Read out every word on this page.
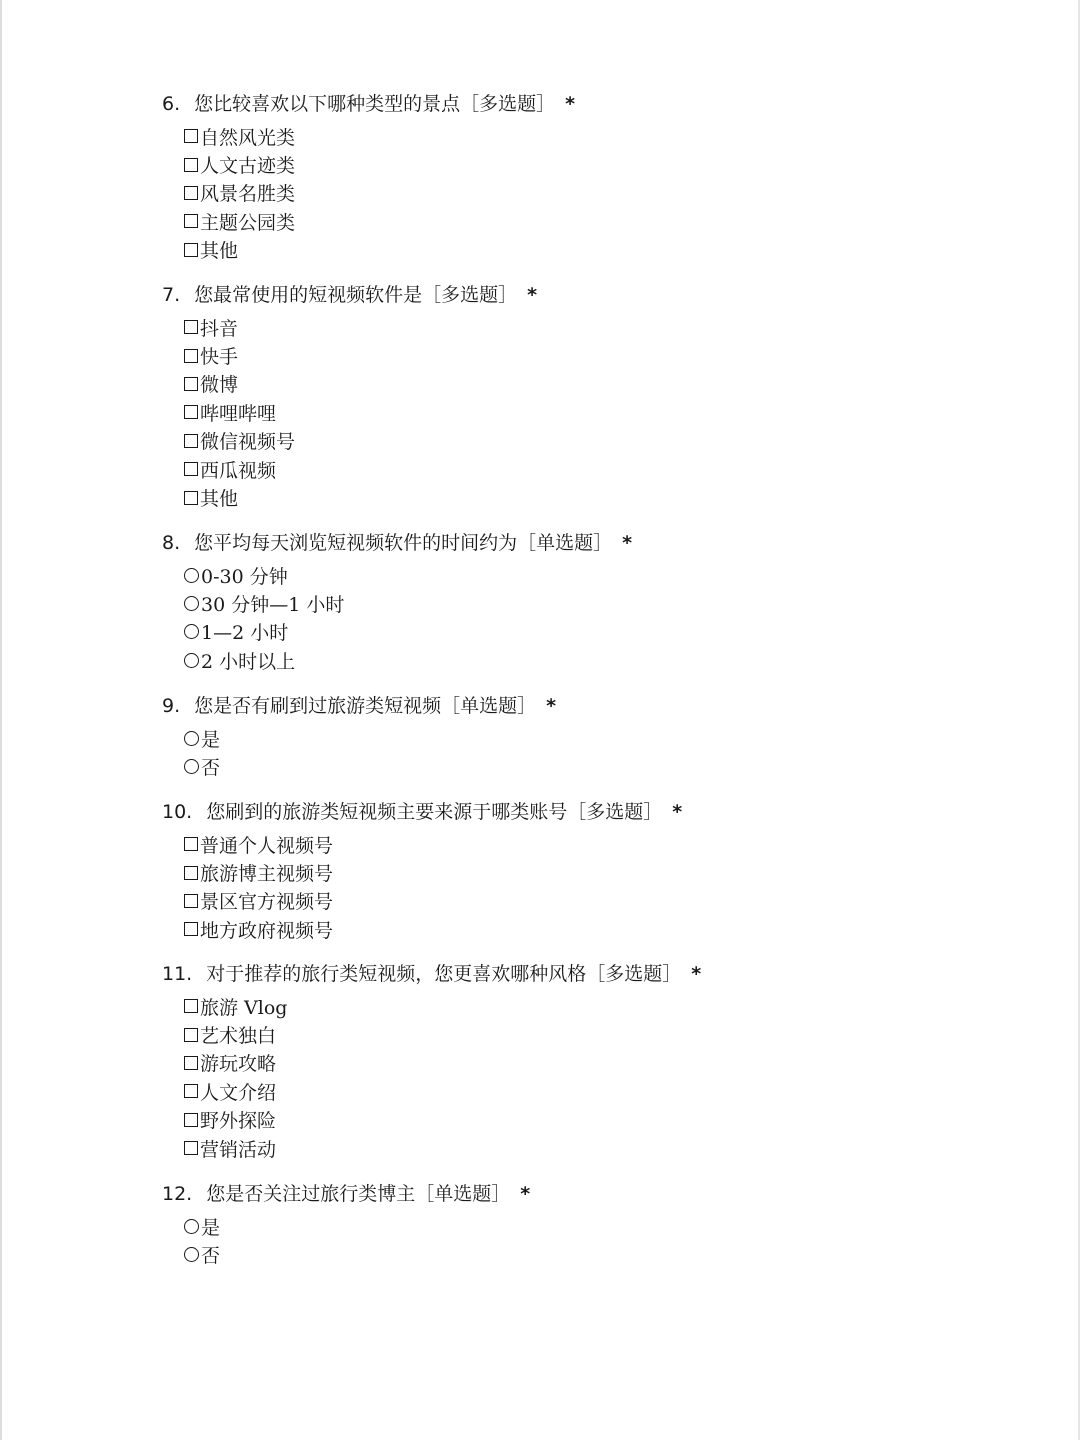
6. 您比较喜欢以下哪种类型的景点［多选题］ *
自然风光类
人文古迹类
风景名胜类
主题公园类
其他
7. 您最常使用的短视频软件是［多选题］ *
抖音
快手
微博
哔哩哔哩
微信视频号
西瓜视频
其他
8. 您平均每天浏览短视频软件的时间约为［单选题］ *
0-30 分钟
30 分钟—1 小时
1—2 小时
2 小时以上
9. 您是否有刷到过旅游类短视频［单选题］ *
是
否
10. 您刷到的旅游类短视频主要来源于哪类账号［多选题］ *
普通个人视频号
旅游博主视频号
景区官方视频号
地方政府视频号
11. 对于推荐的旅行类短视频，您更喜欢哪种风格［多选题］ *
旅游 Vlog
艺术独白
游玩攻略
人文介绍
野外探险
营销活动
12. 您是否关注过旅行类博主［单选题］ *
是
否
